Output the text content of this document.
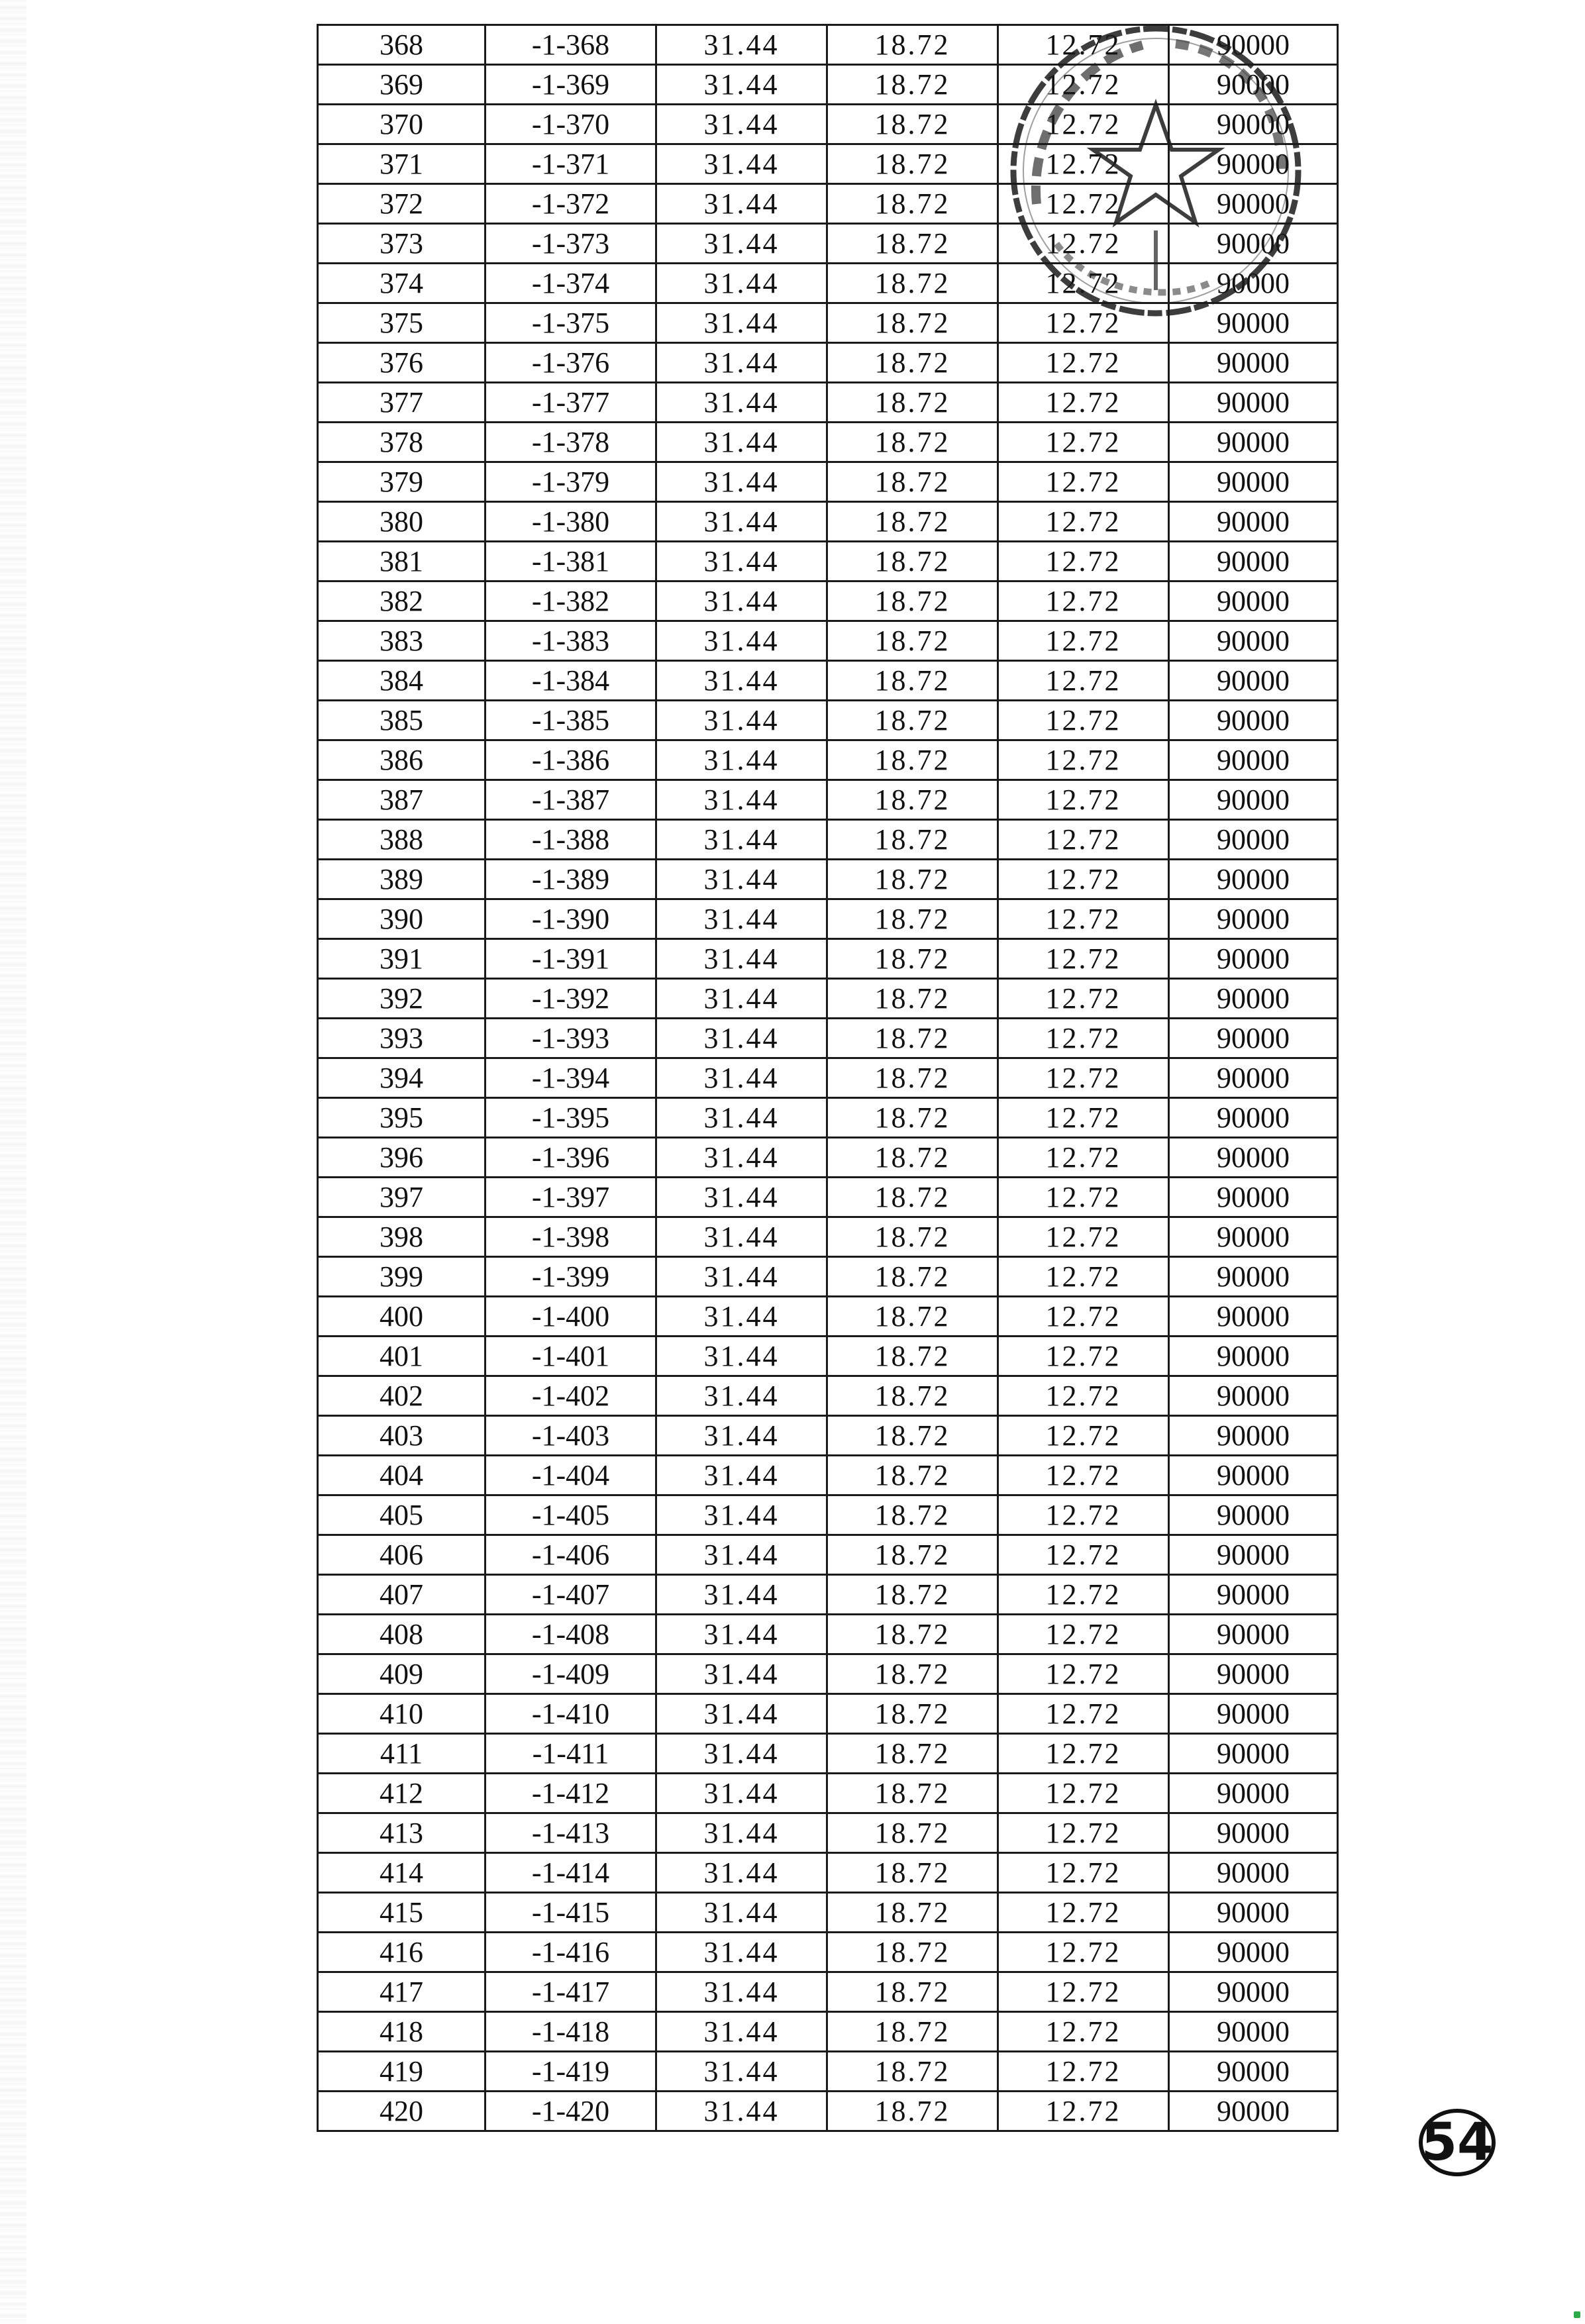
368	-1-368	31.44	18.72	12.72	90000
369	-1-369	31.44	18.72	12.72	90000
370	-1-370	31.44	18.72	12.72	90000
371	-1-371	31.44	18.72	12.72	90000
372	-1-372	31.44	18.72	12.72	90000
373	-1-373	31.44	18.72	12.72	90000
374	-1-374	31.44	18.72	12.72	90000
375	-1-375	31.44	18.72	12.72	90000
376	-1-376	31.44	18.72	12.72	90000
377	-1-377	31.44	18.72	12.72	90000
378	-1-378	31.44	18.72	12.72	90000
379	-1-379	31.44	18.72	12.72	90000
380	-1-380	31.44	18.72	12.72	90000
381	-1-381	31.44	18.72	12.72	90000
382	-1-382	31.44	18.72	12.72	90000
383	-1-383	31.44	18.72	12.72	90000
384	-1-384	31.44	18.72	12.72	90000
385	-1-385	31.44	18.72	12.72	90000
386	-1-386	31.44	18.72	12.72	90000
387	-1-387	31.44	18.72	12.72	90000
388	-1-388	31.44	18.72	12.72	90000
389	-1-389	31.44	18.72	12.72	90000
390	-1-390	31.44	18.72	12.72	90000
391	-1-391	31.44	18.72	12.72	90000
392	-1-392	31.44	18.72	12.72	90000
393	-1-393	31.44	18.72	12.72	90000
394	-1-394	31.44	18.72	12.72	90000
395	-1-395	31.44	18.72	12.72	90000
396	-1-396	31.44	18.72	12.72	90000
397	-1-397	31.44	18.72	12.72	90000
398	-1-398	31.44	18.72	12.72	90000
399	-1-399	31.44	18.72	12.72	90000
400	-1-400	31.44	18.72	12.72	90000
401	-1-401	31.44	18.72	12.72	90000
402	-1-402	31.44	18.72	12.72	90000
403	-1-403	31.44	18.72	12.72	90000
404	-1-404	31.44	18.72	12.72	90000
405	-1-405	31.44	18.72	12.72	90000
406	-1-406	31.44	18.72	12.72	90000
407	-1-407	31.44	18.72	12.72	90000
408	-1-408	31.44	18.72	12.72	90000
409	-1-409	31.44	18.72	12.72	90000
410	-1-410	31.44	18.72	12.72	90000
411	-1-411	31.44	18.72	12.72	90000
412	-1-412	31.44	18.72	12.72	90000
413	-1-413	31.44	18.72	12.72	90000
414	-1-414	31.44	18.72	12.72	90000
415	-1-415	31.44	18.72	12.72	90000
416	-1-416	31.44	18.72	12.72	90000
417	-1-417	31.44	18.72	12.72	90000
418	-1-418	31.44	18.72	12.72	90000
419	-1-419	31.44	18.72	12.72	90000
420	-1-420	31.44	18.72	12.72	90000
54
